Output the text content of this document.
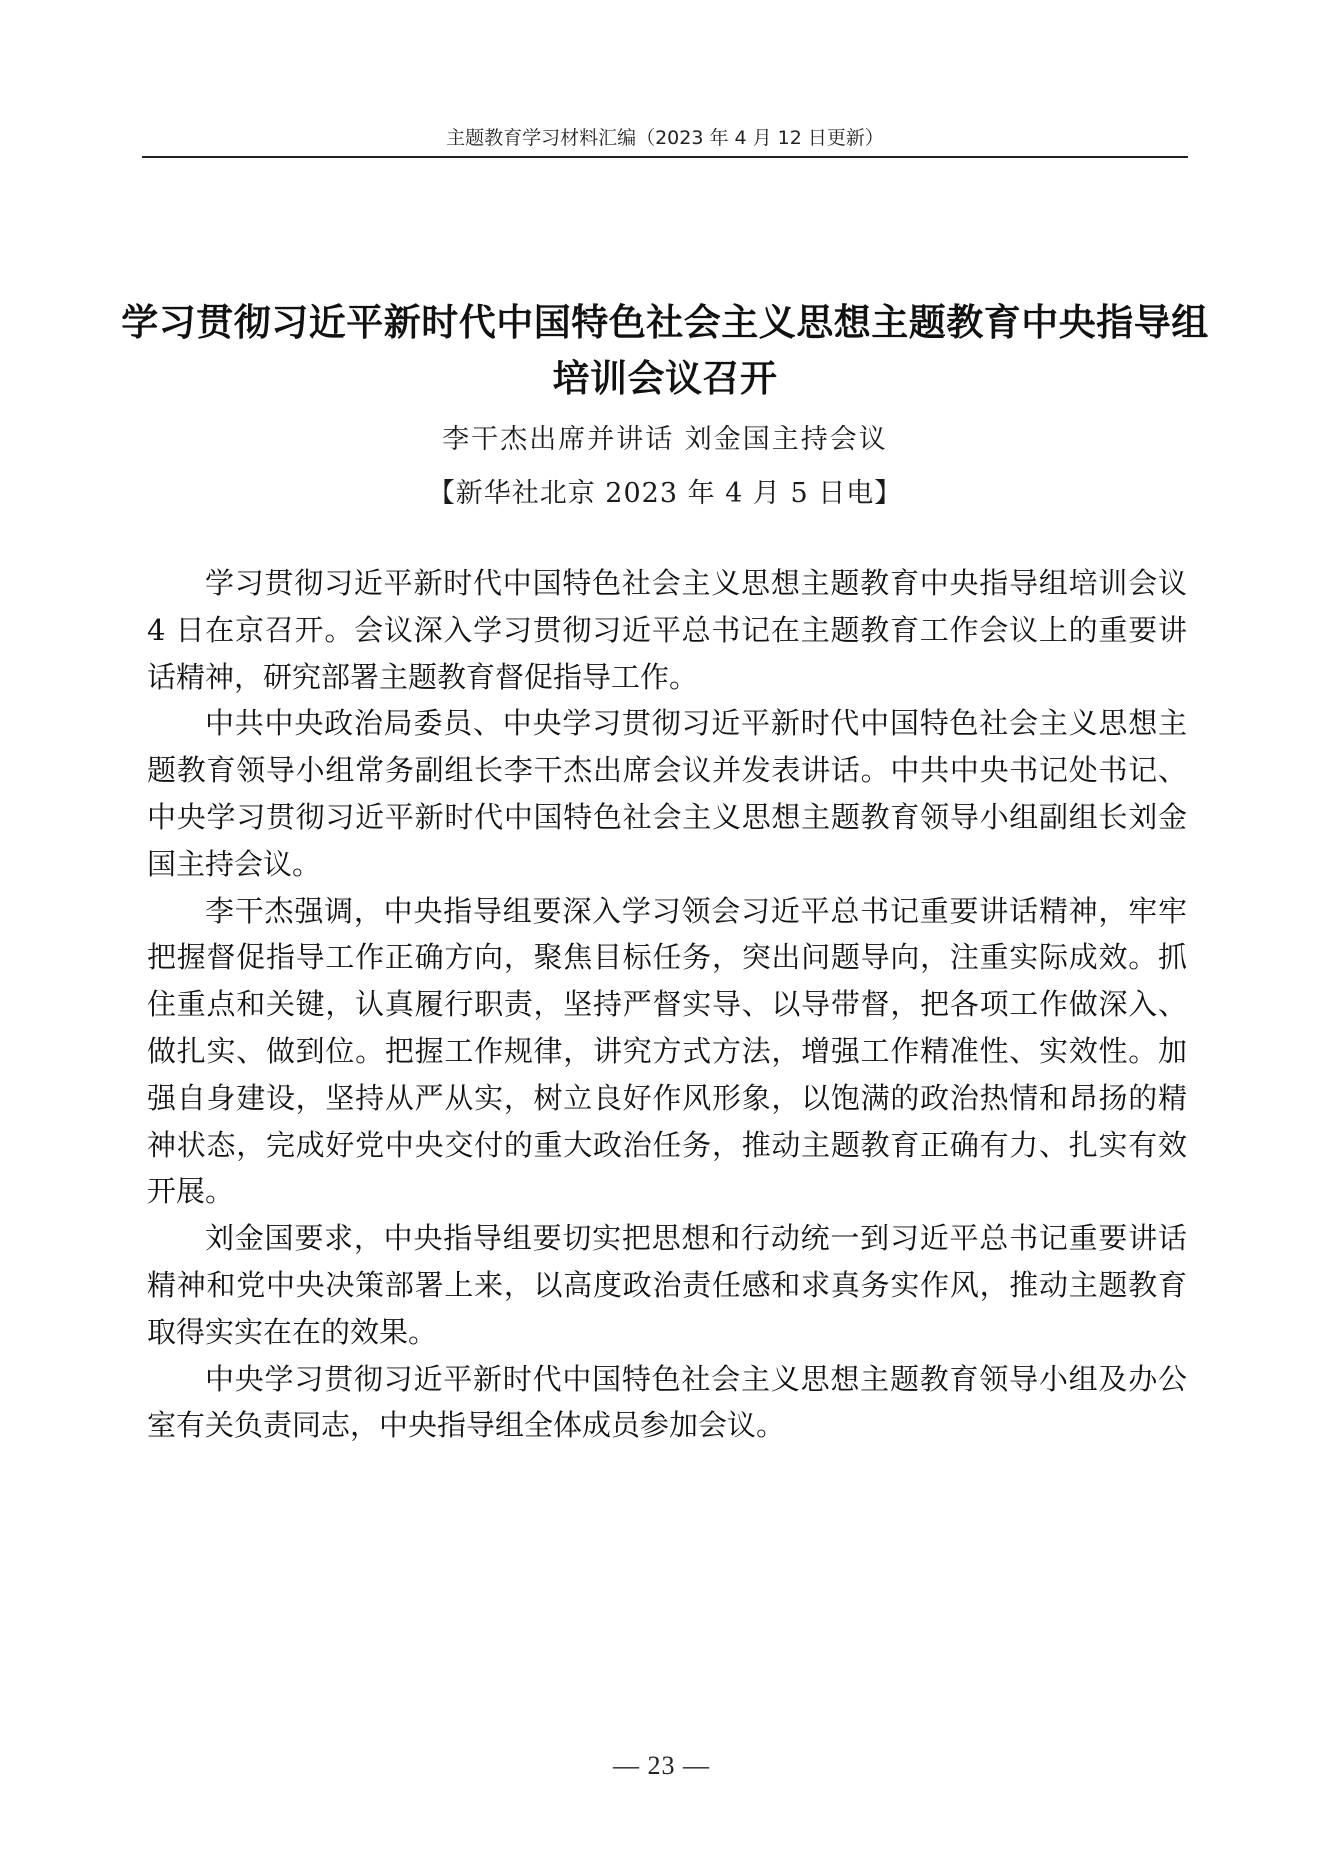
主题教育学习材料汇编（2023 年 4 月 12 日更新）
学习贯彻习近平新时代中国特色社会主义思想主题教育中央指导组
培训会议召开
李干杰出席并讲话 刘金国主持会议
【新华社北京 2023 年 4 月 5 日电】

学习贯彻习近平新时代中国特色社会主义思想主题教育中央指导组培训会议 4 日在京召开。会议深入学习贯彻习近平总书记在主题教育工作会议上的重要讲话精神，研究部署主题教育督促指导工作。

中共中央政治局委员、中央学习贯彻习近平新时代中国特色社会主义思想主题教育领导小组常务副组长李干杰出席会议并发表讲话。中共中央书记处书记、中央学习贯彻习近平新时代中国特色社会主义思想主题教育领导小组副组长刘金国主持会议。

李干杰强调，中央指导组要深入学习领会习近平总书记重要讲话精神，牢牢把握督促指导工作正确方向，聚焦目标任务，突出问题导向，注重实际成效。抓住重点和关键，认真履行职责，坚持严督实导、以导带督，把各项工作做深入、做扎实、做到位。把握工作规律，讲究方式方法，增强工作精准性、实效性。加强自身建设，坚持从严从实，树立良好作风形象，以饱满的政治热情和昂扬的精神状态，完成好党中央交付的重大政治任务，推动主题教育正确有力、扎实有效开展。

刘金国要求，中央指导组要切实把思想和行动统一到习近平总书记重要讲话精神和党中央决策部署上来，以高度政治责任感和求真务实作风，推动主题教育取得实实在在的效果。

中央学习贯彻习近平新时代中国特色社会主义思想主题教育领导小组及办公室有关负责同志，中央指导组全体成员参加会议。

— 23 —
